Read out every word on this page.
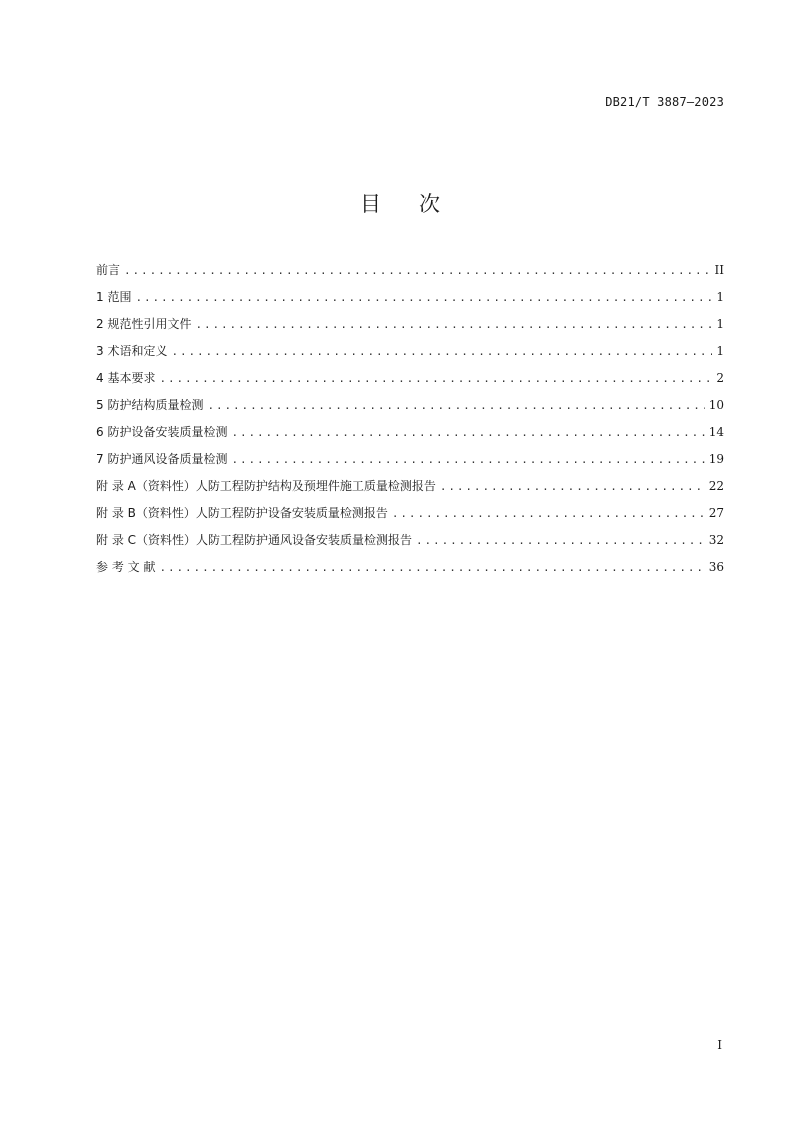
DB21/T 3887—2023
目次
前言 .....	II
1 范围 .....	1
2 规范性引用文件 .....	1
3 术语和定义 .....	1
4 基本要求 .....	2
5 防护结构质量检测 .....	10
6 防护设备安装质量检测 .....	14
7 防护通风设备质量检测 .....	19
附 录 A（资料性）人防工程防护结构及预埋件施工质量检测报告 .....	22
附 录 B（资料性）人防工程防护设备安装质量检测报告 .....	27
附 录 C（资料性）人防工程防护通风设备安装质量检测报告 .....	32
参 考 文 献 .....	36
I
